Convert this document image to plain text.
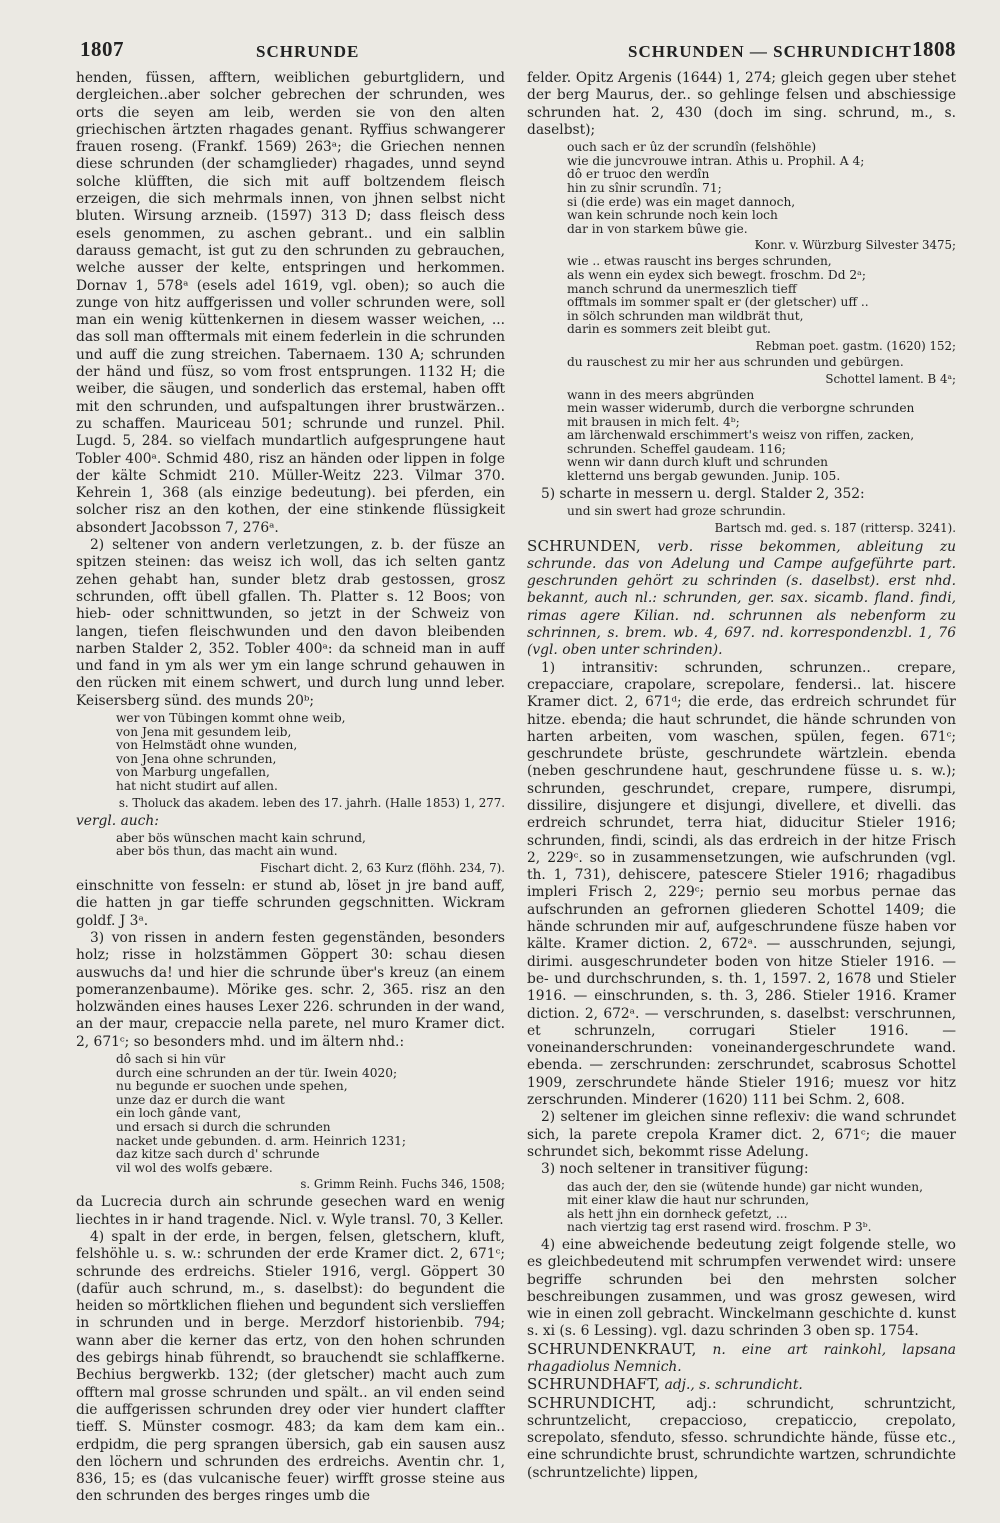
1807	SCHRUNDE	SCHRUNDEN — SCHRUNDICHT 1808

henden, füssen, afftern, weiblichen geburtglidern, und dergleichen..aber solcher gebrechen der schrunden, wes orts die seyen am leib, werden sie von den alten griechischen ärtzten rhagades genant. Ryffius schwangerer frauen roseng. (Frankf. 1569) 263ᵃ; die Griechen nennen diese schrunden (der schamglieder) rhagades, unnd seynd solche klüfften, die sich mit auff boltzendem fleisch erzeigen, die sich mehrmals innen, von jhnen selbst nicht bluten. Wirsung arzneib. (1597) 313 D; dass fleisch dess esels genommen, zu aschen gebrant.. und ein salblin darauss gemacht, ist gut zu den schrunden zu gebrauchen, welche ausser der kelte, entspringen und herkommen. Dornav 1, 578ᵃ (esels adel 1619, vgl. oben); so auch die zunge von hitz auffgerissen und voller schrunden were, soll man ein wenig küttenkernen in diesem wasser weichen, ... das soll man offtermals mit einem federlein in die schrunden und auff die zung streichen. Tabernaem. 130 A; schrunden der händ und füsz, so vom frost entsprungen. 1132 H; die weiber, die säugen, und sonderlich das erstemal, haben offt mit den schrunden, und aufspaltungen ihrer brustwärzen.. zu schaffen. Mauriceau 501; schrunde und runzel. Phil. Lugd. 5, 284. so vielfach mundartlich aufgesprungene haut Tobler 400ᵃ. Schmid 480, risz an händen oder lippen in folge der kälte Schmidt 210. Müller-Weitz 223. Vilmar 370. Kehrein 1, 368 (als einzige bedeutung). bei pferden, ein solcher risz an den kothen, der eine stinkende flüssigkeit absondert Jacobsson 7, 276ᵃ.

2) seltener von andern verletzungen, z. b. der füsze an spitzen steinen: das weisz ich woll, das ich selten gantz zehen gehabt han, sunder bletz drab gestossen, grosz schrunden, offt übell gfallen. Th. Platter s. 12 Boos; von hieb- oder schnittwunden, so jetzt in der Schweiz von langen, tiefen fleischwunden und den davon bleibenden narben Stalder 2, 352. Tobler 400ᵃ: da schneid man in auff und fand in ym als wer ym ein lange schrund gehauwen in den rücken mit einem schwert, und durch lung unnd leber. Keisersberg sünd. des munds 20ᵇ;

wer von Tübingen kommt ohne weib,
von Jena mit gesundem leib,
von Helmstädt ohne wunden,
von Jena ohne schrunden,
von Marburg ungefallen,
hat nicht studirt auf allen.
s. Tholuck das akadem. leben des 17. jahrh. (Halle 1853) 1, 277.

vergl. auch:

aber bös wünschen macht kain schrund,
aber bös thun, das macht ain wund.
Fischart dicht. 2, 63 Kurz (flöhh. 234, 7).

einschnitte von fesseln: er stund ab, löset jn jre band auff, die hatten jn gar tieffe schrunden gegschnitten. Wickram goldf. J 3ᵃ.

3) von rissen in andern festen gegenständen, besonders holz; risse in holzstämmen Göppert 30: schau diesen auswuchs da! und hier die schrunde über's kreuz (an einem pomeranzenbaume). Mörike ges. schr. 2, 365. risz an den holzwänden eines hauses Lexer 226. schrunden in der wand, an der maur, crepaccie nella parete, nel muro Kramer dict. 2, 671ᶜ; so besonders mhd. und im ältern nhd.:

dô sach si hin vür
durch eine schrunden an der tür. Iwein 4020;
nu begunde er suochen unde spehen,
unze daz er durch die want
ein loch gânde vant,
und ersach si durch die schrunden
nacket unde gebunden. d. arm. Heinrich 1231;
daz kitze sach durch d' schrunde
vil wol des wolfs gebære.
s. Grimm Reinh. Fuchs 346, 1508;

da Lucrecia durch ain schrunde gesechen ward en wenig liechtes in ir hand tragende. Nicl. v. Wyle transl. 70, 3 Keller.

4) spalt in der erde, in bergen, felsen, gletschern, kluft, felshöhle u. s. w.: schrunden der erde Kramer dict. 2, 671ᶜ; schrunde des erdreichs. Stieler 1916, vergl. Göppert 30 (dafür auch schrund, m., s. daselbst): do begundent die heiden so mörtklichen fliehen und begundent sich verslieffen in schrunden und in berge. Merzdorf historienbib. 794; wann aber die kerner das ertz, von den hohen schrunden des gebirgs hinab führendt, so brauchendt sie schlaffkerne. Bechius bergwerkb. 132; (der gletscher) macht auch zum offtern mal grosse schrunden und spält.. an vil enden seind die auffgerissen schrunden drey oder vier hundert claffter tieff. S. Münster cosmogr. 483; da kam dem kam ein.. erdpidm, die perg sprangen übersich, gab ein sausen ausz den löchern und schrunden des erdreichs. Aventin chr. 1, 836, 15; es (das vulcanische feuer) wirfft grosse steine aus den schrunden des berges ringes umb die

felder. Opitz Argenis (1644) 1, 274; gleich gegen uber stehet der berg Maurus, der.. so gehlinge felsen und abschiessige schrunden hat. 2, 430 (doch im sing. schrund, m., s. daselbst);

ouch sach er ûz der scrundîn (felshöhle)
wie die juncvrouwe intran. Athis u. Prophil. A 4;
dô er truoc den werdîn
hin zu sînir scrundîn. 71;
si (die erde) was ein maget dannoch,
wan kein schrunde noch kein loch
dar in von starkem bûwe gie.
Konr. v. Würzburg Silvester 3475;
wie .. etwas rauscht ins berges schrunden,
als wenn ein eydex sich bewegt. froschm. Dd 2ᵃ;
manch schrund da unermeszlich tieff
offtmals im sommer spalt er (der gletscher) uff ..
in sölch schrunden man wildbrät thut,
darin es sommers zeit bleibt gut.
Rebman poet. gastm. (1620) 152;
du rauschest zu mir her aus schrunden und gebürgen.
Schottel lament. B 4ᵃ;
wann in des meers abgründen
mein wasser widerumb, durch die verborgne schrunden
mit brausen in mich felt. 4ᵇ;
am lärchenwald erschimmert's weisz von riffen, zacken,
schrunden. Scheffel gaudeam. 116;
wenn wir dann durch kluft und schrunden
kletternd uns bergab gewunden. Junip. 105.

5) scharte in messern u. dergl. Stalder 2, 352:

und sin swert had groze schrundin.
Bartsch md. ged. s. 187 (rittersp. 3241).

SCHRUNDEN, verb. risse bekommen, ableitung zu schrunde. das von Adelung und Campe aufgeführte part. geschrunden gehört zu schrinden (s. daselbst). erst nhd. bekannt, auch nl.: schrunden, ger. sax. sicamb. fland. findi, rimas agere Kilian. nd. schrunnen als nebenform zu schrinnen, s. brem. wb. 4, 697. nd. korrespondenzbl. 1, 76 (vgl. oben unter schrinden).

1) intransitiv: schrunden, schrunzen.. crepare, crepacciare, crapolare, screpolare, fendersi.. lat. hiscere Kramer dict. 2, 671ᵈ; die erde, das erdreich schrundet für hitze. ebenda; die haut schrundet, die hände schrunden von harten arbeiten, vom waschen, spülen, fegen. 671ᶜ; geschrundete brüste, geschrundete wärtzlein. ebenda (neben geschrundene haut, geschrundene füsse u. s. w.); schrunden, geschrundet, crepare, rumpere, disrumpi, dissilire, disjungere et disjungi, divellere, et divelli. das erdreich schrundet, terra hiat, diducitur Stieler 1916; schrunden, findi, scindi, als das erdreich in der hitze Frisch 2, 229ᶜ. so in zusammensetzungen, wie aufschrunden (vgl. th. 1, 731), dehiscere, patescere Stieler 1916; rhagadibus impleri Frisch 2, 229ᶜ; pernio seu morbus pernae das aufschrunden an gefrornen gliederen Schottel 1409; die hände schrunden mir auf, aufgeschrundene füsze haben vor kälte. Kramer diction. 2, 672ᵃ. — ausschrunden, sejungi, dirimi. ausgeschrundeter boden von hitze Stieler 1916. — be- und durchschrunden, s. th. 1, 1597. 2, 1678 und Stieler 1916. — einschrunden, s. th. 3, 286. Stieler 1916. Kramer diction. 2, 672ᵃ. — verschrunden, s. daselbst: verschrunnen, et schrunzeln, corrugari Stieler 1916. — voneinanderschrunden: voneinandergeschrundete wand. ebenda. — zerschrunden: zerschrundet, scabrosus Schottel 1909, zerschrundete hände Stieler 1916; muesz vor hitz zerschrunden. Minderer (1620) 111 bei Schm. 2, 608.

2) seltener im gleichen sinne reflexiv: die wand schrundet sich, la parete crepola Kramer dict. 2, 671ᶜ; die mauer schrundet sich, bekommt risse Adelung.

3) noch seltener in transitiver fügung:

das auch der, den sie (wütende hunde) gar nicht wunden,
mit einer klaw die haut nur schrunden,
als hett jhn ein dornheck gefetzt, ...
nach viertzig tag erst rasend wird. froschm. P 3ᵇ.

4) eine abweichende bedeutung zeigt folgende stelle, wo es gleichbedeutend mit schrumpfen verwendet wird: unsere begriffe schrunden bei den mehrsten solcher beschreibungen zusammen, und was grosz gewesen, wird wie in einen zoll gebracht. Winckelmann geschichte d. kunst s. xi (s. 6 Lessing). vgl. dazu schrinden 3 oben sp. 1754.

SCHRUNDENKRAUT, n. eine art rainkohl, lapsana rhagadiolus Nemnich.

SCHRUNDHAFT, adj., s. schrundicht.

SCHRUNDICHT, adj.: schrundicht, schruntzicht, schruntzelicht, crepaccioso, crepaticcio, crepolato, screpolato, sfenduto, sfesso. schrundichte hände, füsse etc., eine schrundichte brust, schrundichte wartzen, schrundichte (schruntzelichte) lippen,
